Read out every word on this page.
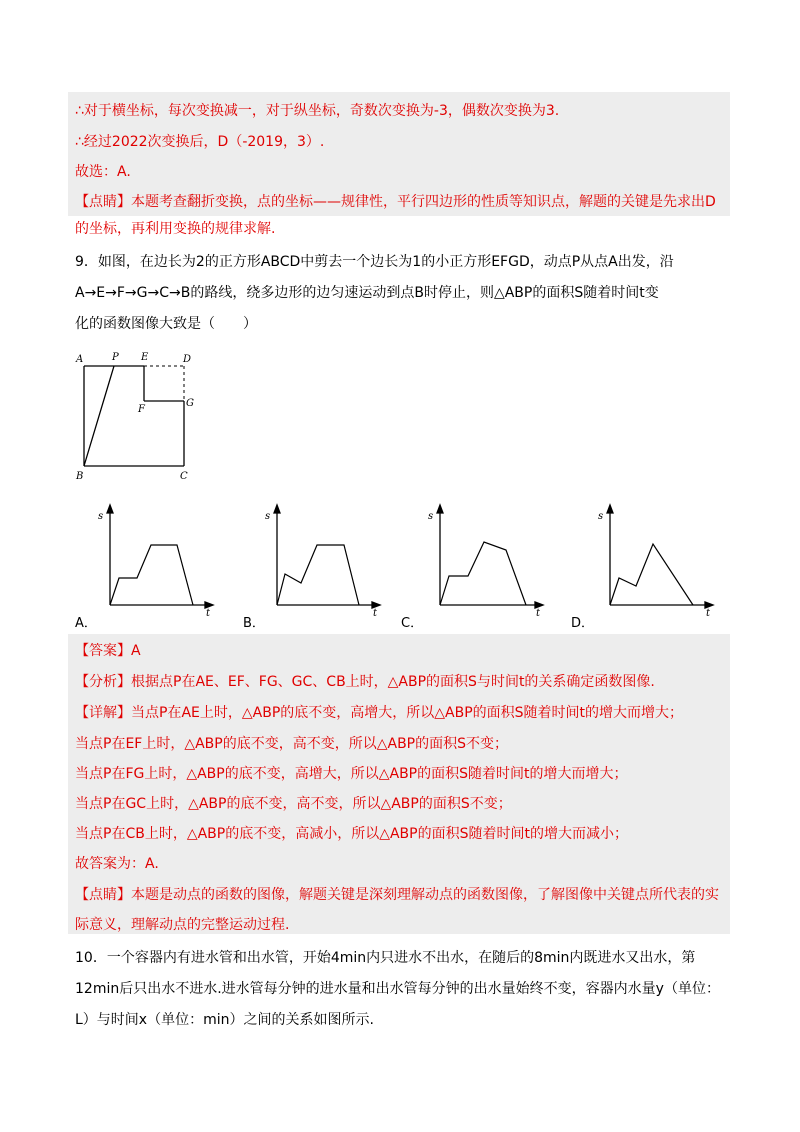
∴对于横坐标，每次变换减一，对于纵坐标，奇数次变换为-3，偶数次变换为3.
∴经过2022次变换后，D（-2019，3）.
故选：A.
【点睛】本题考查翻折变换，点的坐标——规律性，平行四边形的性质等知识点，解题的关键是先求出D
的坐标，再利用变换的规律求解.
9．如图，在边长为2的正方形ABCD中剪去一个边长为1的小正方形EFGD，动点P从点A出发，沿
A→E→F→G→C→B的路线，绕多边形的边匀速运动到点B时停止，则△ABP的面积S随着时间t变
化的函数图像大致是（　　）
A	P E	D
F
G
B	C
s
t
A．
s
t
B．
s
t
C．
s
t
D．
【答案】A
【分析】根据点P在AE、EF、FG、GC、CB上时，△ABP的面积S与时间t的关系确定函数图像.
【详解】当点P在AE上时，△ABP的底不变，高增大，所以△ABP的面积S随着时间t的增大而增大；
当点P在EF上时，△ABP的底不变，高不变，所以△ABP的面积S不变；
当点P在FG上时，△ABP的底不变，高增大，所以△ABP的面积S随着时间t的增大而增大；
当点P在GC上时，△ABP的底不变，高不变，所以△ABP的面积S不变；
当点P在CB上时，△ABP的底不变，高减小，所以△ABP的面积S随着时间t的增大而减小；
故答案为：A.
【点睛】本题是动点的函数的图像，解题关键是深刻理解动点的函数图像，了解图像中关键点所代表的实
际意义，理解动点的完整运动过程.
10．一个容器内有进水管和出水管，开始4min内只进水不出水，在随后的8min内既进水又出水，第
12min后只出水不进水.进水管每分钟的进水量和出水管每分钟的出水量始终不变，容器内水量y（单位：
L）与时间x（单位：min）之间的关系如图所示.
